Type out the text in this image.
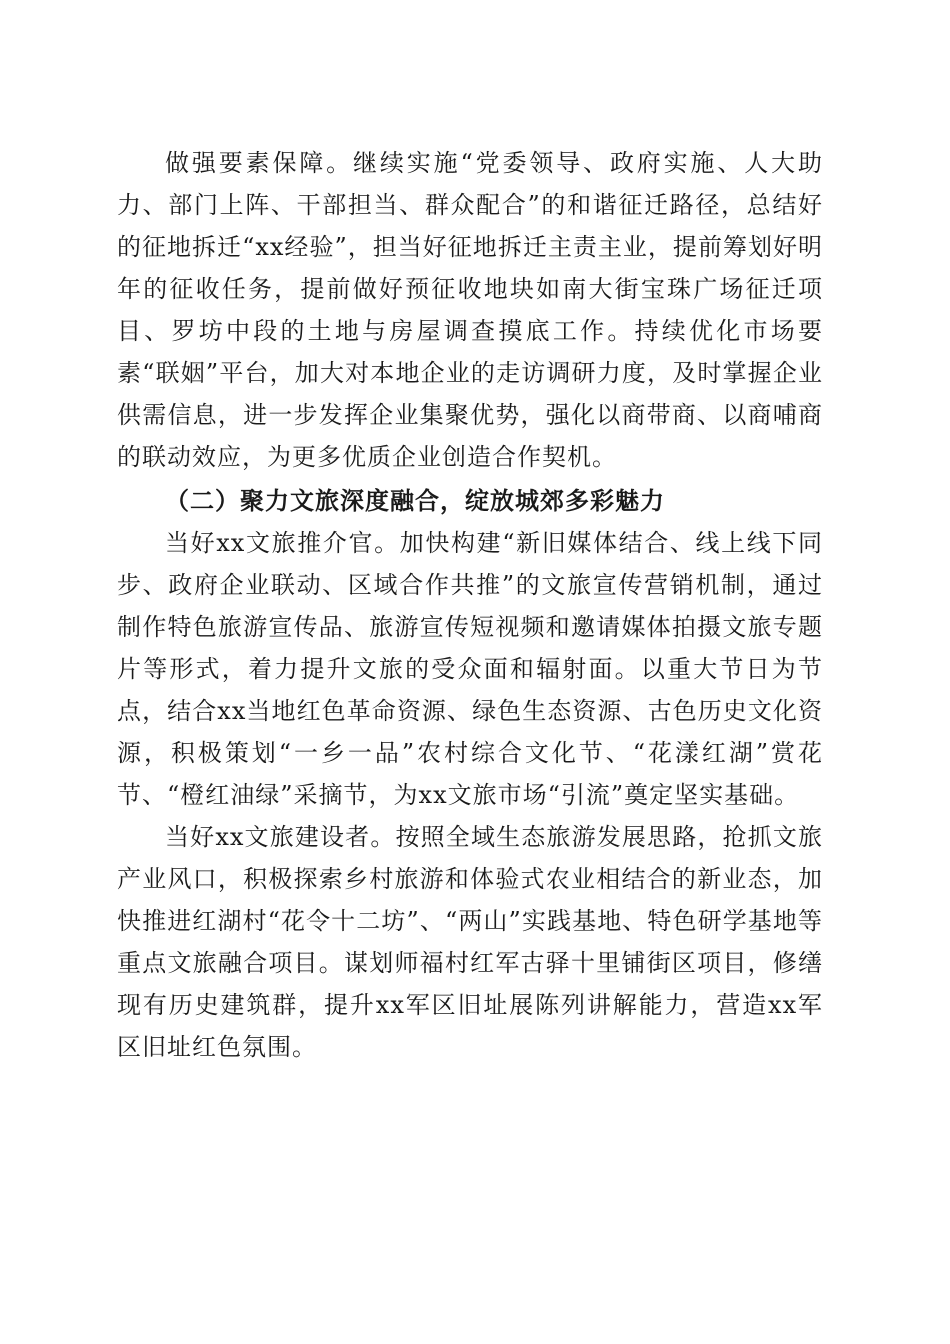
做强要素保障。继续实施“党委领导、政府实施、人大助力、部门上阵、干部担当、群众配合”的和谐征迁路径，总结好的征地拆迁“xx经验”，担当好征地拆迁主责主业，提前筹划好明年的征收任务，提前做好预征收地块如南大街宝珠广场征迁项目、罗坊中段的土地与房屋调查摸底工作。持续优化市场要素“联姻”平台，加大对本地企业的走访调研力度，及时掌握企业供需信息，进一步发挥企业集聚优势，强化以商带商、以商哺商的联动效应，为更多优质企业创造合作契机。

（二）聚力文旅深度融合，绽放城郊多彩魅力

当好xx文旅推介官。加快构建“新旧媒体结合、线上线下同步、政府企业联动、区域合作共推”的文旅宣传营销机制，通过制作特色旅游宣传品、旅游宣传短视频和邀请媒体拍摄文旅专题片等形式，着力提升文旅的受众面和辐射面。以重大节日为节点，结合xx当地红色革命资源、绿色生态资源、古色历史文化资源，积极策划“一乡一品”农村综合文化节、“花漾红湖”赏花节、“橙红油绿”采摘节，为xx文旅市场“引流”奠定坚实基础。

当好xx文旅建设者。按照全域生态旅游发展思路，抢抓文旅产业风口，积极探索乡村旅游和体验式农业相结合的新业态，加快推进红湖村“花令十二坊”、“两山”实践基地、特色研学基地等重点文旅融合项目。谋划师福村红军古驿十里铺街区项目，修缮现有历史建筑群，提升xx军区旧址展陈列讲解能力，营造xx军区旧址红色氛围。
